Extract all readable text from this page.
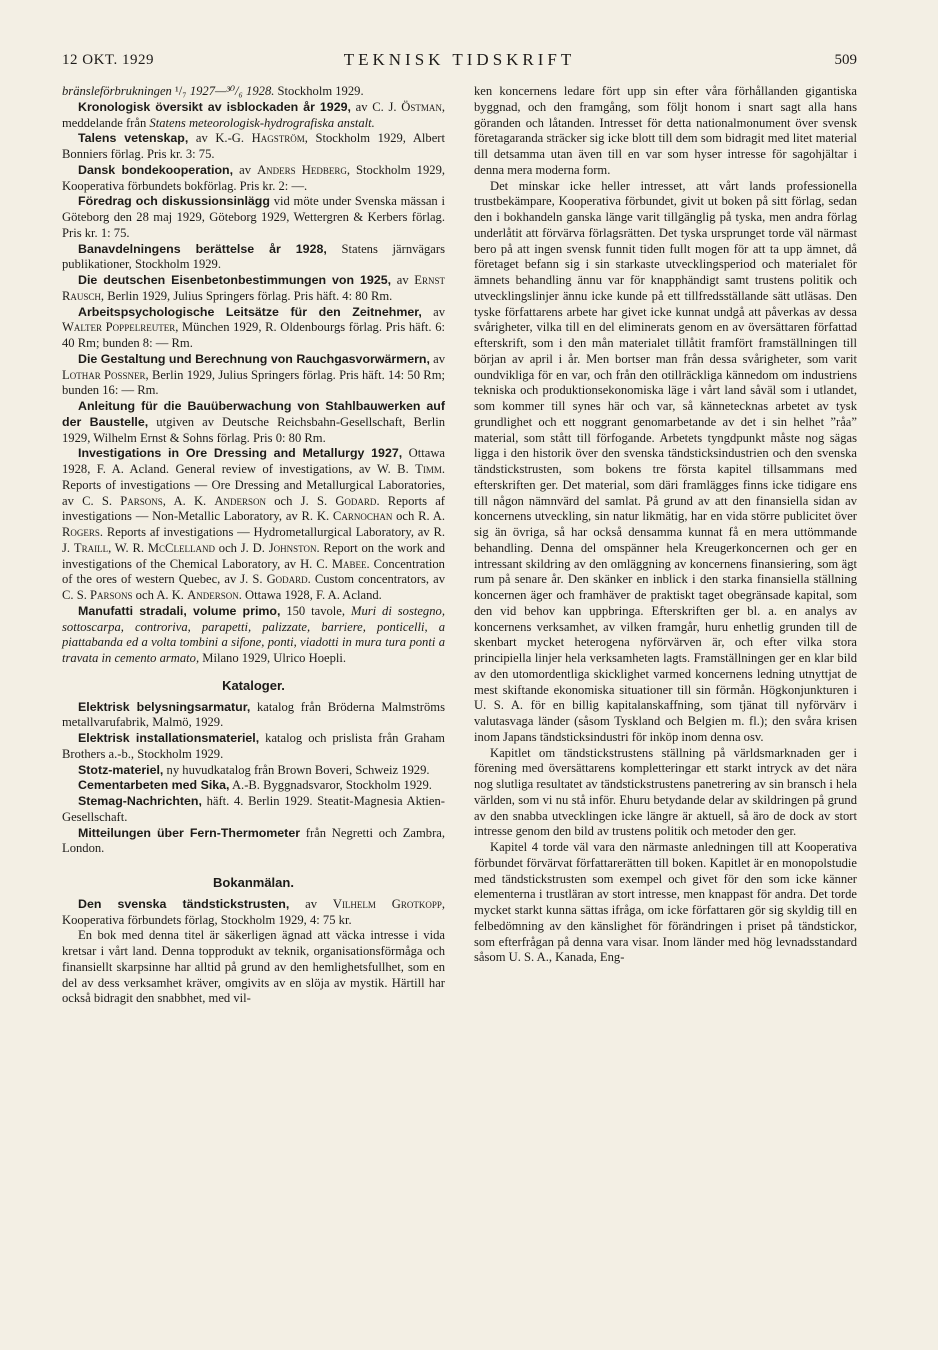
12 OKT. 1929	TEKNISK TIDSKRIFT	509

bränsleförbrukningen ¹/₇ 1927—³⁰/₆ 1928. Stockholm 1929.

Kronologisk översikt av isblockaden år 1929, av C. J. Östman, meddelande från Statens meteorologisk-hydrografiska anstalt.

Talens vetenskap, av K.-G. Hagström, Stockholm 1929, Albert Bonniers förlag. Pris kr. 3: 75.

Dansk bondekooperation, av Anders Hedberg, Stockholm 1929, Kooperativa förbundets bokförlag. Pris kr. 2: —.

Föredrag och diskussionsinlägg vid möte under Svenska mässan i Göteborg den 28 maj 1929, Göteborg 1929, Wettergren & Kerbers förlag. Pris kr. 1: 75.

Banavdelningens berättelse år 1928, Statens järnvägars publikationer, Stockholm 1929.

Die deutschen Eisenbetonbestimmungen von 1925, av Ernst Rausch, Berlin 1929, Julius Springers förlag. Pris häft. 4: 80 Rm.

Arbeitspsychologische Leitsätze für den Zeitnehmer, av Walter Poppelreuter, München 1929, R. Oldenbourgs förlag. Pris häft. 6: 40 Rm; bunden 8: — Rm.

Die Gestaltung und Berechnung von Rauchgasvorwärmern, av Lothar Possner, Berlin 1929, Julius Springers förlag. Pris häft. 14: 50 Rm; bunden 16: — Rm.

Anleitung für die Bauüberwachung von Stahlbauwerken auf der Baustelle, utgiven av Deutsche Reichsbahn-Gesellschaft, Berlin 1929, Wilhelm Ernst & Sohns förlag. Pris 0: 80 Rm.

Investigations in Ore Dressing and Metallurgy 1927, Ottawa 1928, F. A. Acland. General review of investigations, av W. B. Timm. Reports of investigations — Ore Dressing and Metallurgical Laboratories, av C. S. Parsons, A. K. Anderson och J. S. Godard. Reports af investigations — Non-Metallic Laboratory, av R. K. Carnochan och R. A. Rogers. Reports af investigations — Hydrometallurgical Laboratory, av R. J. Traill, W. R. McClelland och J. D. Johnston. Report on the work and investigations of the Chemical Laboratory, av H. C. Mabee. Concentration of the ores of western Quebec, av J. S. Godard. Custom concentrators, av C. S. Parsons och A. K. Anderson. Ottawa 1928, F. A. Acland.

Manufatti stradali, volume primo, 150 tavole, Muri di sostegno, sottoscarpa, controriva, parapetti, palizzate, barriere, ponticelli, a piattabanda ed a volta tombini a sifone, ponti, viadotti in mura tura ponti a travata in cemento armato, Milano 1929, Ulrico Hoepli.

Kataloger.

Elektrisk belysningsarmatur, katalog från Bröderna Malmströms metallvarufabrik, Malmö, 1929.

Elektrisk installationsmateriel, katalog och prislista från Graham Brothers a.-b., Stockholm 1929.

Stotz-materiel, ny huvudkatalog från Brown Boveri, Schweiz 1929.

Cementarbeten med Sika, A.-B. Byggnadsvaror, Stockholm 1929.

Stemag-Nachrichten, häft. 4. Berlin 1929. Steatit-Magnesia Aktien-Gesellschaft.

Mitteilungen über Fern-Thermometer från Negretti och Zambra, London.

Bokanmälan.

Den svenska tändstickstrusten, av Vilhelm Grotkopp, Kooperativa förbundets förlag, Stockholm 1929, 4: 75 kr.

En bok med denna titel är säkerligen ägnad att väcka intresse i vida kretsar i vårt land. Denna topprodukt av teknik, organisationsförmåga och finansiellt skarpsinne har alltid på grund av den hemlighetsfullhet, som en del av dess verksamhet kräver, omgivits av en slöja av mystik. Härtill har också bidragit den snabbhet, med vil-

ken koncernens ledare fört upp sin efter våra förhållanden gigantiska byggnad, och den framgång, som följt honom i snart sagt alla hans göranden och låtanden. Intresset för detta nationalmonument över svensk företagaranda sträcker sig icke blott till dem som bidragit med litet material till detsamma utan även till en var som hyser intresse för sagohjältar i denna mera moderna form.

Det minskar icke heller intresset, att vårt lands professionella trustbekämpare, Kooperativa förbundet, givit ut boken på sitt förlag, sedan den i bokhandeln ganska länge varit tillgänglig på tyska, men andra förlag underlåtit att förvärva förlagsrätten. Det tyska ursprunget torde väl närmast bero på att ingen svensk funnit tiden fullt mogen för att ta upp ämnet, då företaget befann sig i sin starkaste utvecklingsperiod och materialet för ämnets behandling ännu var för knapphändigt samt trustens politik och utvecklingslinjer ännu icke kunde på ett tillfredsställande sätt utläsas. Den tyske författarens arbete har givet icke kunnat undgå att påverkas av dessa svårigheter, vilka till en del eliminerats genom en av översättaren författad efterskrift, som i den mån materialet tillåtit framfört framställningen till början av april i år. Men bortser man från dessa svårigheter, som varit oundvikliga för en var, och från den otillräckliga kännedom om industriens tekniska och produktionsekonomiska läge i vårt land såväl som i utlandet, som kommer till synes här och var, så kännetecknas arbetet av tysk grundlighet och ett noggrant genomarbetande av det i sin helhet ”råa” material, som stått till förfogande. Arbetets tyngdpunkt måste nog sägas ligga i den historik över den svenska tändsticksindustrien och den svenska tändstickstrusten, som bokens tre första kapitel tillsammans med efterskriften ger. Det material, som däri framlägges finns icke tidigare ens till någon nämnvärd del samlat. På grund av att den finansiella sidan av koncernens utveckling, sin natur likmätig, har en vida större publicitet över sig än övriga, så har också densamma kunnat få en mera uttömmande behandling. Denna del omspänner hela Kreugerkoncernen och ger en intressant skildring av den omläggning av koncernens finansiering, som ägt rum på senare år. Den skänker en inblick i den starka finansiella ställning koncernen äger och framhäver de praktiskt taget obegränsade kapital, som den vid behov kan uppbringa. Efterskriften ger bl. a. en analys av koncernens verksamhet, av vilken framgår, huru enhetlig grunden till de skenbart mycket heterogena nyförvärven är, och efter vilka stora principiella linjer hela verksamheten lagts. Framställningen ger en klar bild av den utomordentliga skicklighet varmed koncernens ledning utnyttjat de mest skiftande ekonomiska situationer till sin förmån. Högkonjunkturen i U. S. A. för en billig kapitalanskaffning, som tjänat till nyförvärv i valutasvaga länder (såsom Tyskland och Belgien m. fl.); den svåra krisen inom Japans tändsticksindustri för inköp inom denna osv.

Kapitlet om tändstickstrustens ställning på världsmarknaden ger i förening med översättarens kompletteringar ett starkt intryck av det nära nog slutliga resultatet av tändstickstrustens panetrering av sin bransch i hela världen, som vi nu stå inför. Ehuru betydande delar av skildringen på grund av den snabba utvecklingen icke längre är aktuell, så äro de dock av stort intresse genom den bild av trustens politik och metoder den ger.

Kapitel 4 torde väl vara den närmaste anledningen till att Kooperativa förbundet förvärvat författarerätten till boken. Kapitlet är en monopolstudie med tändstickstrusten som exempel och givet för den som icke känner elementerna i trustläran av stort intresse, men knappast för andra. Det torde mycket starkt kunna sättas ifråga, om icke författaren gör sig skyldig till en felbedömning av den känslighet för förändringen i priset på tändstickor, som efterfrågan på denna vara visar. Inom länder med hög levnadsstandard såsom U. S. A., Kanada, Eng-
